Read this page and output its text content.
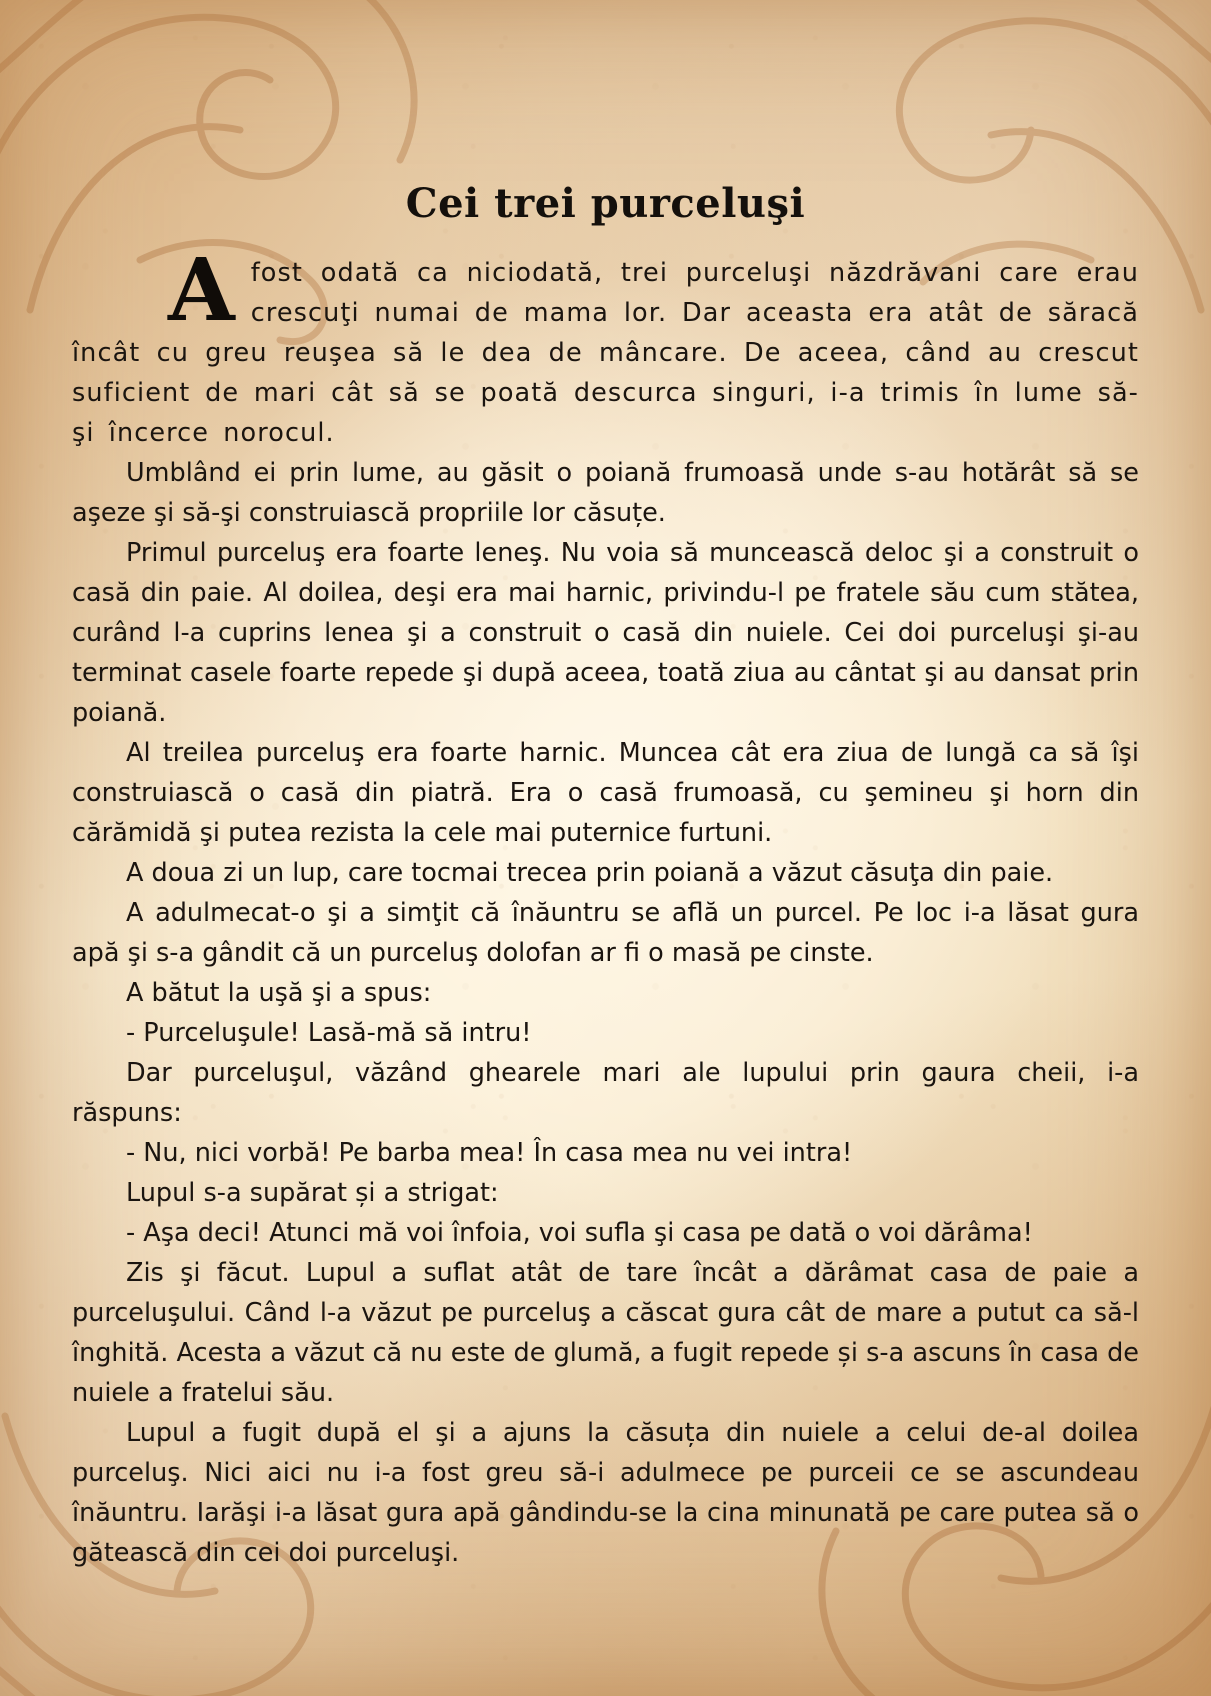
Cei trei purceluşi

Afost odată ca niciodată, trei purceluşi năzdrăvani care erau crescuţi numai de mama lor. Dar aceasta era atât de săracă încât cu greu reuşea să le dea de mâncare. De aceea, când au crescut suficient de mari cât să se poată descurca singuri, i-a trimis în lume să-şi încerce norocul.

Umblând ei prin lume, au găsit o poiană frumoasă unde s-au hotărât să se aşeze şi să-şi construiască propriile lor căsuțe.

Primul purceluş era foarte leneş. Nu voia să muncească deloc şi a construit o casă din paie. Al doilea, deşi era mai harnic, privindu-l pe fratele său cum stătea, curând l-a cuprins lenea şi a construit o casă din nuiele. Cei doi purceluşi şi-au terminat casele foarte repede şi după aceea, toată ziua au cântat şi au dansat prin poiană.

Al treilea purceluş era foarte harnic. Muncea cât era ziua de lungă ca să îşi construiască o casă din piatră. Era o casă frumoasă, cu şemineu şi horn din cărămidă şi putea rezista la cele mai puternice furtuni.

A doua zi un lup, care tocmai trecea prin poiană a văzut căsuţa din paie.

A adulmecat-o şi a simţit că înăuntru se află un purcel. Pe loc i-a lăsat gura apă şi s-a gândit că un purceluş dolofan ar fi o masă pe cinste.

A bătut la uşă şi a spus:

- Purceluşule! Lasă-mă să intru!

Dar purceluşul, văzând ghearele mari ale lupului prin gaura cheii, i-a răspuns:

- Nu, nici vorbă! Pe barba mea! În casa mea nu vei intra!

Lupul s-a supărat și a strigat:

- Aşa deci! Atunci mă voi înfoia, voi sufla şi casa pe dată o voi dărâma!

Zis şi făcut. Lupul a suflat atât de tare încât a dărâmat casa de paie a purceluşului. Când l-a văzut pe purceluş a căscat gura cât de mare a putut ca să-l înghită. Acesta a văzut că nu este de glumă, a fugit repede și s-a ascuns în casa de nuiele a fratelui său.

Lupul a fugit după el şi a ajuns la căsuța din nuiele a celui de-al doilea purceluş. Nici aici nu i-a fost greu să-i adulmece pe purceii ce se ascundeau înăuntru. Iarăşi i-a lăsat gura apă gândindu-se la cina minunată pe care putea să o gătească din cei doi purceluşi.
